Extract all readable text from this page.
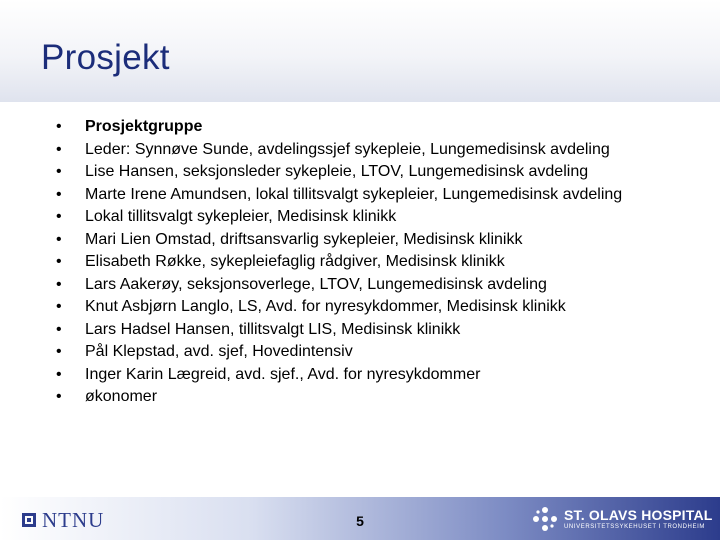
Prosjekt
• Prosjektgruppe
• Leder: Synnøve Sunde, avdelingssjef sykepleie, Lungemedisinsk avdeling
• Lise Hansen, seksjonsleder sykepleie, LTOV, Lungemedisinsk avdeling
• Marte Irene Amundsen, lokal tillitsvalgt sykepleier, Lungemedisinsk avdeling
• Lokal tillitsvalgt sykepleier, Medisinsk klinikk
• Mari Lien Omstad, driftsansvarlig sykepleier, Medisinsk klinikk
• Elisabeth Røkke, sykepleiefaglig rådgiver, Medisinsk klinikk
• Lars Aakerøy, seksjonsoverlege, LTOV, Lungemedisinsk avdeling
• Knut Asbjørn Langlo, LS, Avd. for nyresykdommer, Medisinsk klinikk
• Lars Hadsel Hansen, tillitsvalgt LIS, Medisinsk klinikk
• Pål Klepstad, avd. sjef, Hovedintensiv
• Inger Karin Lægreid, avd. sjef., Avd. for nyresykdommer
• økonomer
NTNU	5	ST. OLAVS HOSPITAL
UNIVERSITETSSYKEHUSET I TRONDHEIM
